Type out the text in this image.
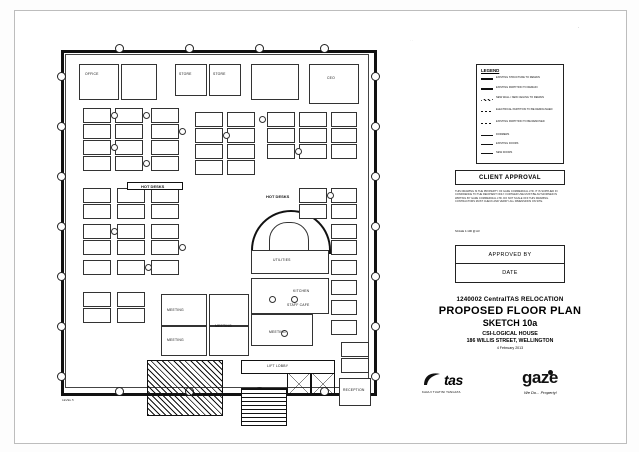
· ·
·
HOT DESKS
HOT DESKS
UTILITIES
KITCHEN
STAFF CAFE
MEETING
MEETING
MEETING
MEETING
CEO
OFFICE
RECEPTION
LIFT LOBBY
STORE	STORE
LEVEL 5
LEGEND
EXISTING STRUCTURE TO REMAIN
EXISTING PARTITION TO REMAIN
NEW WALL / NEW CEILING TO REMAIN
ELECTRICAL PARTITION TO BE DEMOLISHED
EXISTING PARTITION TO BE REMOVED
DORMERS
EXISTING DOORS
NEW DOORS
CLIENT APPROVAL
THIS DRAWING IS THE PROPERTY OF GAZE COMMERCIAL LTD. IT IS SUPPLIED IN CONFIDENCE TO THE RECIPIENT ONLY. FURTHER USE MUST BE AUTHORISED IN WRITING BY GAZE COMMERCIAL LTD. DO NOT SCALE OFF THIS DRAWING. CONTRACTORS MUST CHECK AND VERIFY ALL DIMENSIONS ON SITE.
SCALE 1:100 @ A3
APPROVED BY
DATE
1240002 CentralTAS RELOCATION
PROPOSED FLOOR PLAN
SKETCH 10a
CSI-LOGICAL HOUSE
186 WILLIS STREET, WELLINGTON
4 February 2013
tas
KAHUI TUATINI TANGATA
gaze
We Do... Property!
